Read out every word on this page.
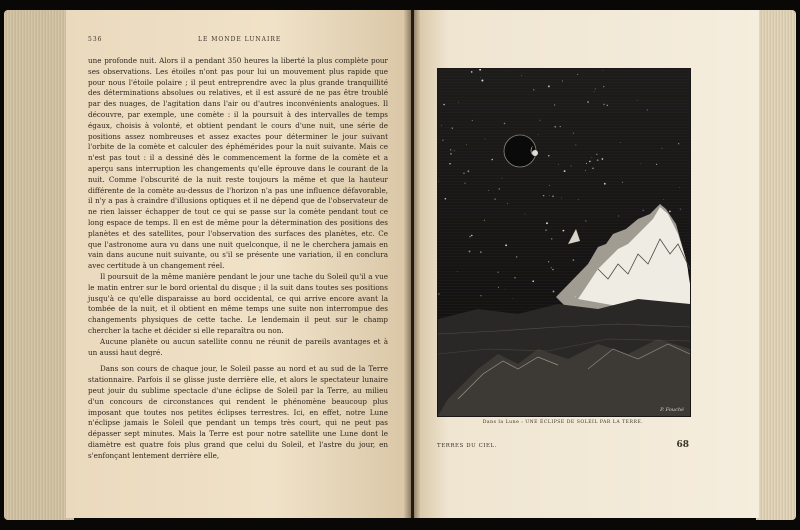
536	LE MONDE LUNAIRE

une profonde nuit. Alors il a pendant 350 heures la liberté la plus complète pour ses observations. Les étoiles n'ont pas pour lui un mouvement plus rapide que pour nous l'étoile polaire ; il peut entreprendre avec la plus grande tranquillité des déterminations absolues ou relatives, et il est assuré de ne pas être troublé par des nuages, de l'agitation dans l'air ou d'autres inconvénients analogues. Il découvre, par exemple, une comète : il la poursuit à des intervalles de temps égaux, choisis à volonté, et obtient pendant le cours d'une nuit, une série de positions assez nombreuses et assez exactes pour déterminer le jour suivant l'orbite de la comète et calculer des éphémérides pour la nuit suivante. Mais ce n'est pas tout : il a dessiné dès le commencement la forme de la comète et a aperçu sans interruption les changements qu'elle éprouve dans le courant de la nuit. Comme l'obscurité de la nuit reste toujours la même et que la hauteur différente de la comète au-dessus de l'horizon n'a pas une influence défavorable, il n'y a pas à craindre d'illusions optiques et il ne dépend que de l'observateur de ne rien laisser échapper de tout ce qui se passe sur la comète pendant tout ce long espace de temps. Il en est de même pour la détermination des positions des planètes et des satellites, pour l'observation des surfaces des planètes, etc. Ce que l'astronome aura vu dans une nuit quelconque, il ne le cherchera jamais en vain dans aucune nuit suivante, ou s'il se présente une variation, il en conclura avec certitude à un changement réel.

Il poursuit de la même manière pendant le jour une tache du Soleil qu'il a vue le matin entrer sur le bord oriental du disque ; il la suit dans toutes ses positions jusqu'à ce qu'elle disparaisse au bord occidental, ce qui arrive encore avant la tombée de la nuit, et il obtient en même temps une suite non interrompue des changements physiques de cette tache. Le lendemain il peut sur le champ chercher la tache et décider si elle reparaîtra ou non.

Aucune planète ou aucun satellite connu ne réunit de pareils avantages et à un aussi haut degré.

Dans son cours de chaque jour, le Soleil passe au nord et au sud de la Terre stationnaire. Parfois il se glisse juste derrière elle, et alors le spectateur lunaire peut jouir du sublime spectacle d'une éclipse de Soleil par la Terre, au milieu d'un concours de circonstances qui rendent le phénomène beaucoup plus imposant que toutes nos petites éclipses terrestres. Ici, en effet, notre Lune n'éclipse jamais le Soleil que pendant un temps très court, qui ne peut pas dépasser sept minutes. Mais la Terre est pour notre satellite une Lune dont le diamètre est quatre fois plus grand que celui du Soleil, et l'astre du jour, en s'enfonçant lentement derrière elle,

P. Fouché
Dans la Lune : UNE ÉCLIPSE DE SOLEIL PAR LA TERRE.
TERRES DU CIEL.	68
